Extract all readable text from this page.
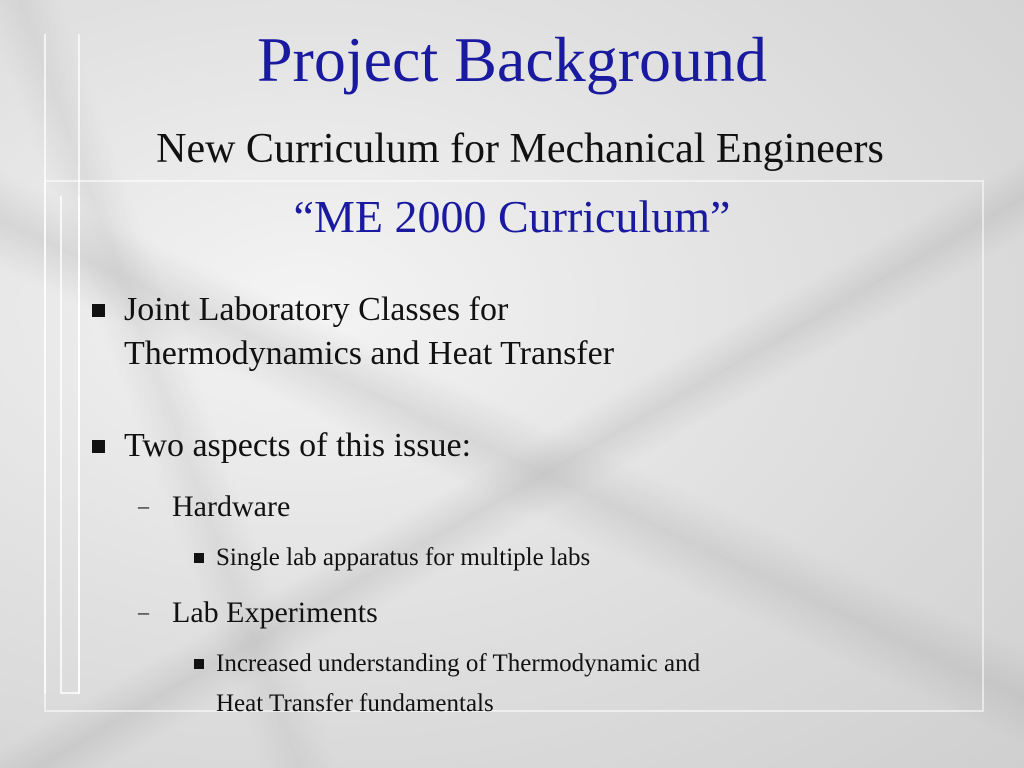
Project Background
New Curriculum for Mechanical Engineers
“ME 2000 Curriculum”
Joint Laboratory Classes for
Thermodynamics and Heat Transfer
Two aspects of this issue:
– Hardware
Single lab apparatus for multiple labs
– Lab Experiments
Increased understanding of Thermodynamic and
Heat Transfer fundamentals
